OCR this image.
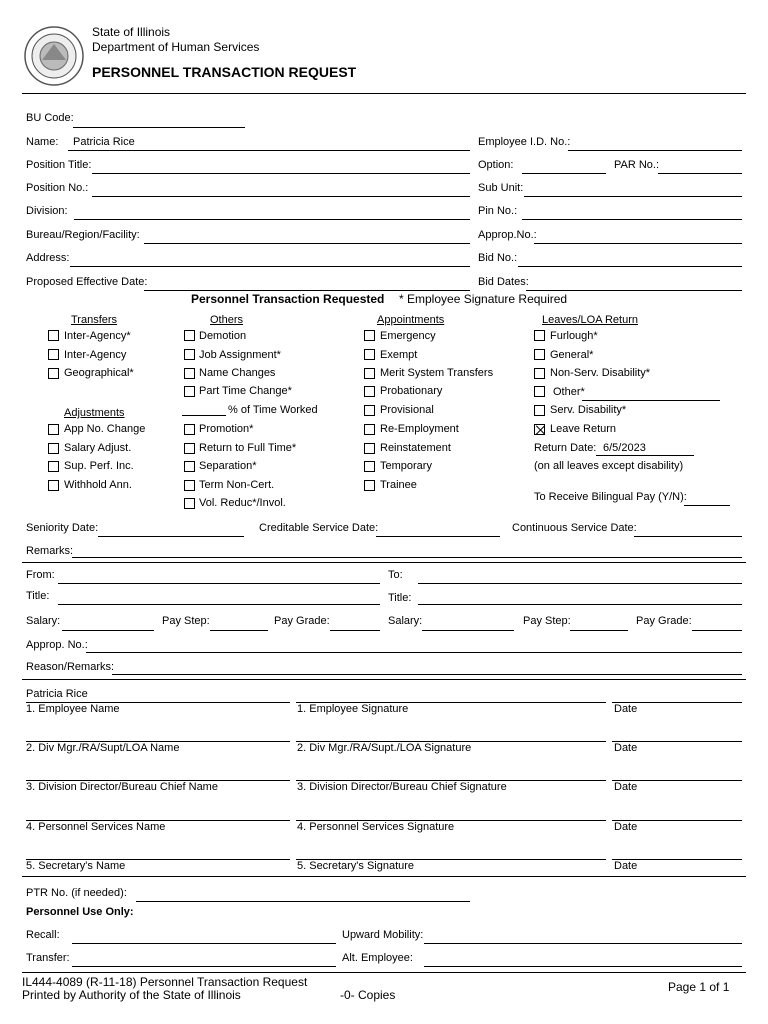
State of Illinois
Department of Human Services
PERSONNEL TRANSACTION REQUEST
BU Code:
Name: Patricia Rice	Employee I.D. No.:
Position Title:	Option:	PAR No.:
Position No.:	Sub Unit:
Division:	Pin No.:
Bureau/Region/Facility:	Approp.No.:
Address:	Bid No.:
Proposed Effective Date:	Bid Dates:
Personnel Transaction Requested * Employee Signature Required
Transfers
Inter-Agency*
Inter-Agency
Geographical*
Adjustments
App No. Change
Salary Adjust.
Sup. Perf. Inc.
Withhold Ann.
Others
Demotion
Job Assignment*
Name Changes
Part Time Change*
% of Time Worked
Promotion*
Return to Full Time*
Separation*
Term Non-Cert.
Vol. Reduc*/Invol.
Appointments
Emergency
Exempt
Merit System Transfers
Probationary
Provisional
Re-Employment
Reinstatement
Temporary
Trainee
Leaves/LOA Return
Furlough*
General*
Non-Serv. Disability*
Other*
Serv. Disability*
Leave Return
Return Date: 6/5/2023
(on all leaves except disability)
To Receive Bilingual Pay (Y/N):
Seniority Date:	Creditable Service Date:	Continuous Service Date:
Remarks:
From:	To:
Title:	Title:
Salary:	Pay Step:	Pay Grade:	Salary:	Pay Step:	Pay Grade:
Approp. No.:
Reason/Remarks:
Patricia Rice
1. Employee Name	1. Employee Signature	Date
2. Div Mgr./RA/Supt/LOA Name	2. Div Mgr./RA/Supt./LOA Signature	Date
3. Division Director/Bureau Chief Name	3. Division Director/Bureau Chief Signature	Date
4. Personnel Services Name	4. Personnel Services Signature	Date
5. Secretary's Name	5. Secretary's Signature	Date
PTR No. (if needed):
Personnel Use Only:
Recall:	Upward Mobility:
Transfer:	Alt. Employee:
IL444-4089 (R-11-18) Personnel Transaction Request
Printed by Authority of the State of Illinois	-0- Copies
Page 1 of 1
